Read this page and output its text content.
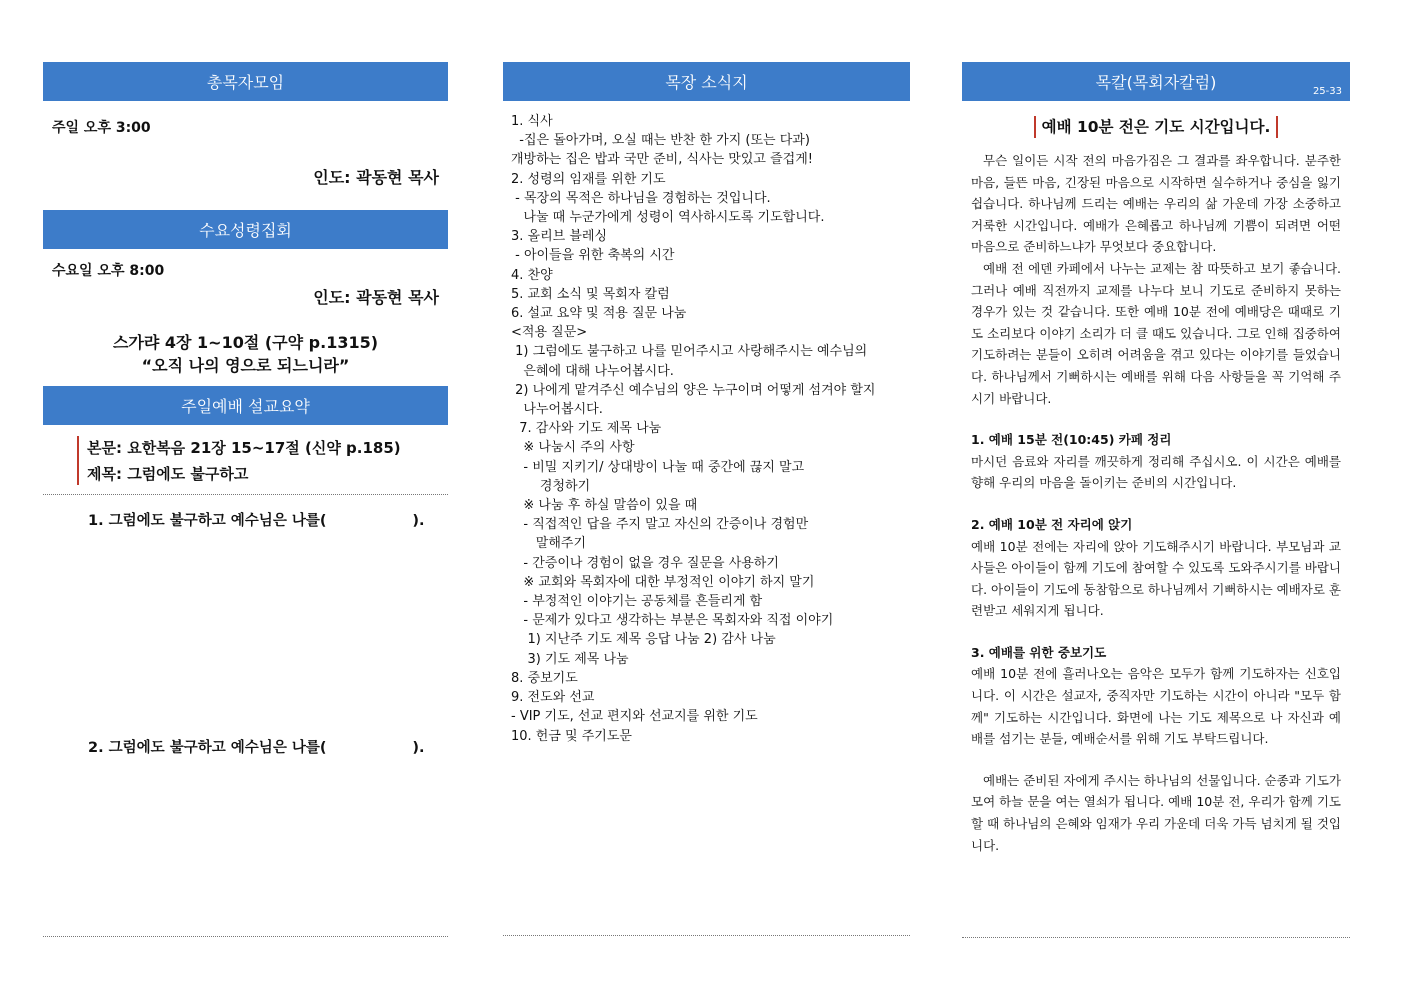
총목자모임
주일 오후 3:00
인도: 곽동현 목사
수요성령집회
수요일 오후 8:00
인도: 곽동현 목사
스가랴 4장 1~10절 (구약 p.1315)
“오직 나의 영으로 되느니라”
주일예배 설교요약
본문: 요한복음 21장 15~17절 (신약 p.185)
제목: 그럼에도 불구하고
1. 그럼에도 불구하고 예수님은 나를(                 ).
2. 그럼에도 불구하고 예수님은 나를(                 ).
목장 소식지
1. 식사
-집은 돌아가며, 오실 때는 반찬 한 가지 (또는 다과)
개방하는 집은 밥과 국만 준비, 식사는 맛있고 즐겁게!
2. 성령의 임재를 위한 기도
- 목장의 목적은 하나님을 경험하는 것입니다.
나눌 때 누군가에게 성령이 역사하시도록 기도합니다.
3. 올리브 블레싱
- 아이들을 위한 축복의 시간
4. 찬양
5. 교회 소식 및 목회자 칼럼
6. 설교 요약 및 적용 질문 나눔
<적용 질문>
1) 그럼에도 불구하고 나를 믿어주시고 사랑해주시는 예수님의
은혜에 대해 나누어봅시다.
2) 나에게 맡겨주신 예수님의 양은 누구이며 어떻게 섬겨야 할지
나누어봅시다.
7. 감사와 기도 제목 나눔
※ 나눔시 주의 사항
- 비밀 지키기/ 상대방이 나눌 때 중간에 끊지 말고
경청하기
※ 나눔 후 하실 말씀이 있을 때
- 직접적인 답을 주지 말고 자신의 간증이나 경험만
말해주기
- 간증이나 경험이 없을 경우 질문을 사용하기
※ 교회와 목회자에 대한 부정적인 이야기 하지 말기
- 부정적인 이야기는 공동체를 흔들리게 함
- 문제가 있다고 생각하는 부분은 목회자와 직접 이야기
1) 지난주 기도 제목 응답 나눔 2) 감사 나눔
3) 기도 제목 나눔
8. 중보기도
9. 전도와 선교
- VIP 기도, 선교 편지와 선교지를 위한 기도
10. 헌금 및 주기도문
목칼(목회자칼럼)	25-33
예배 10분 전은 기도 시간입니다.
무슨 일이든 시작 전의 마음가짐은 그 결과를 좌우합니다. 분주한 마음, 들뜬 마음, 긴장된 마음으로 시작하면 실수하거나 중심을 잃기 쉽습니다. 하나님께 드리는 예배는 우리의 삶 가운데 가장 소중하고 거룩한 시간입니다. 예배가 은혜롭고 하나님께 기쁨이 되려면 어떤 마음으로 준비하느냐가 무엇보다 중요합니다.
예배 전 에덴 카페에서 나누는 교제는 참 따뜻하고 보기 좋습니다. 그러나 예배 직전까지 교제를 나누다 보니 기도로 준비하지 못하는 경우가 있는 것 같습니다. 또한 예배 10분 전에 예배당은 때때로 기도 소리보다 이야기 소리가 더 클 때도 있습니다. 그로 인해 집중하여 기도하려는 분들이 오히려 어려움을 겪고 있다는 이야기를 들었습니다. 하나님께서 기뻐하시는 예배를 위해 다음 사항들을 꼭 기억해 주시기 바랍니다.
1. 예배 15분 전(10:45) 카페 정리
마시던 음료와 자리를 깨끗하게 정리해 주십시오. 이 시간은 예배를 향해 우리의 마음을 돌이키는 준비의 시간입니다.
2. 예배 10분 전 자리에 앉기
예배 10분 전에는 자리에 앉아 기도해주시기 바랍니다. 부모님과 교사들은 아이들이 함께 기도에 참여할 수 있도록 도와주시기를 바랍니다. 아이들이 기도에 동참함으로 하나님께서 기뻐하시는 예배자로 훈련받고 세워지게 됩니다.
3. 예배를 위한 중보기도
예배 10분 전에 흘러나오는 음악은 모두가 함께 기도하자는 신호입니다. 이 시간은 설교자, 중직자만 기도하는 시간이 아니라 "모두 함께" 기도하는 시간입니다. 화면에 나는 기도 제목으로 나 자신과 예배를 섬기는 분들, 예배순서를 위해 기도 부탁드립니다.
예배는 준비된 자에게 주시는 하나님의 선물입니다. 순종과 기도가 모여 하늘 문을 여는 열쇠가 됩니다. 예배 10분 전, 우리가 함께 기도할 때 하나님의 은혜와 임재가 우리 가운데 더욱 가득 넘치게 될 것입니다.
